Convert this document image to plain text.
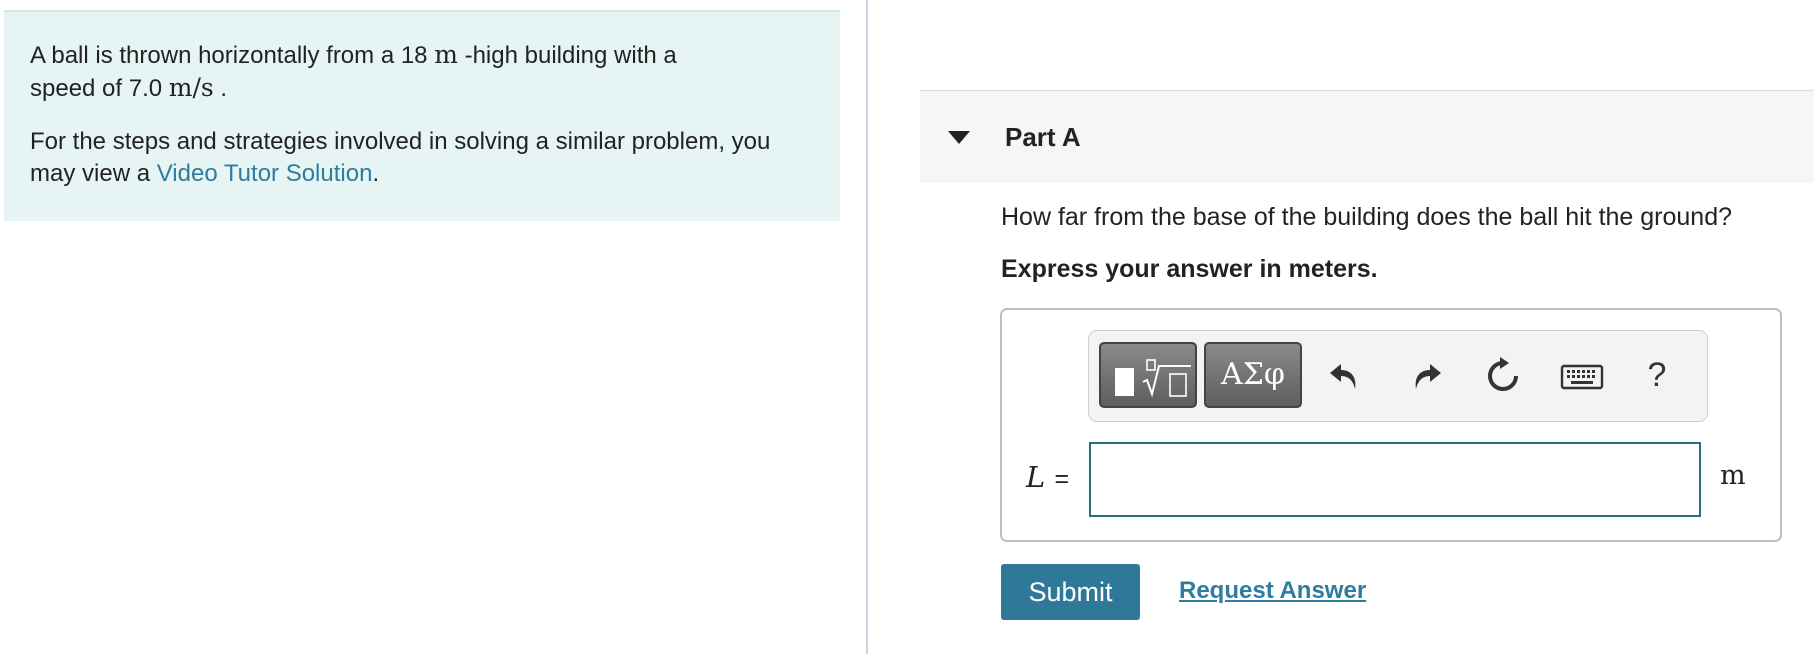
A ball is thrown horizontally from a 18 m -high building with a
speed of 7.0 m/s .

For the steps and strategies involved in solving a similar problem, you may view a Video Tutor Solution.

Part A
How far from the base of the building does the ball hit the ground?
Express your answer in meters.
ΑΣφ	?
L =	m
Submit	Request Answer
